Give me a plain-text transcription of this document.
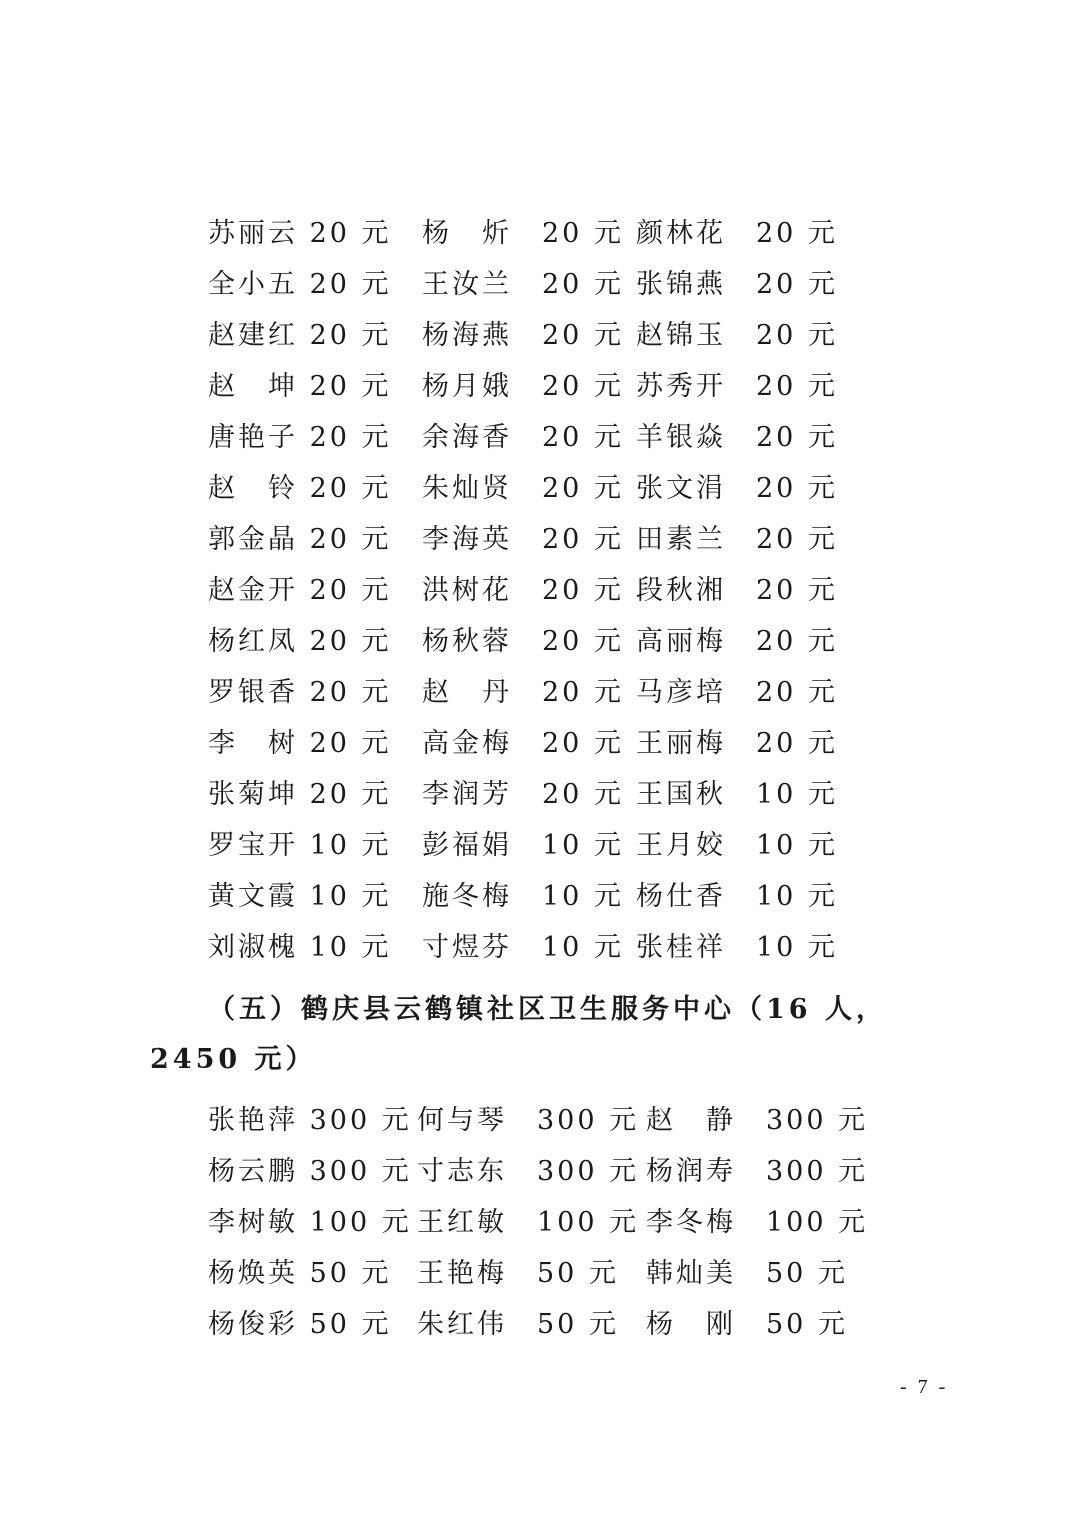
苏丽云 20 元 杨　炘　20 元 颜林花　20 元
全小五 20 元 王汝兰　20 元 张锦燕　20 元
赵建红 20 元 杨海燕　20 元 赵锦玉　20 元
赵　坤 20 元 杨月娥　20 元 苏秀开　20 元
唐艳子 20 元 余海香　20 元 羊银焱　20 元
赵　铃 20 元 朱灿贤　20 元 张文涓　20 元
郭金晶 20 元 李海英　20 元 田素兰　20 元
赵金开 20 元 洪树花　20 元 段秋湘　20 元
杨红凤 20 元 杨秋蓉　20 元 高丽梅　20 元
罗银香 20 元 赵　丹　20 元 马彦培　20 元
李　树 20 元 高金梅　20 元 王丽梅　20 元
张菊坤 20 元 李润芳　20 元 王国秋　10 元
罗宝开 10 元 彭福娟　10 元 王月姣　10 元
黄文霞 10 元 施冬梅　10 元 杨仕香　10 元
刘淑槐 10 元 寸煜芬　10 元 张桂祥　10 元
（五）鹤庆县云鹤镇社区卫生服务中心（16 人，2450 元）
张艳萍 300 元 何与琴　300 元 赵　静　300 元
杨云鹏 300 元 寸志东　300 元 杨润寿　300 元
李树敏 100 元 王红敏　100 元 李冬梅　100 元
杨焕英 50 元 王艳梅　50 元 韩灿美　50 元
杨俊彩 50 元 朱红伟　50 元 杨　刚　50 元
- 7 -
